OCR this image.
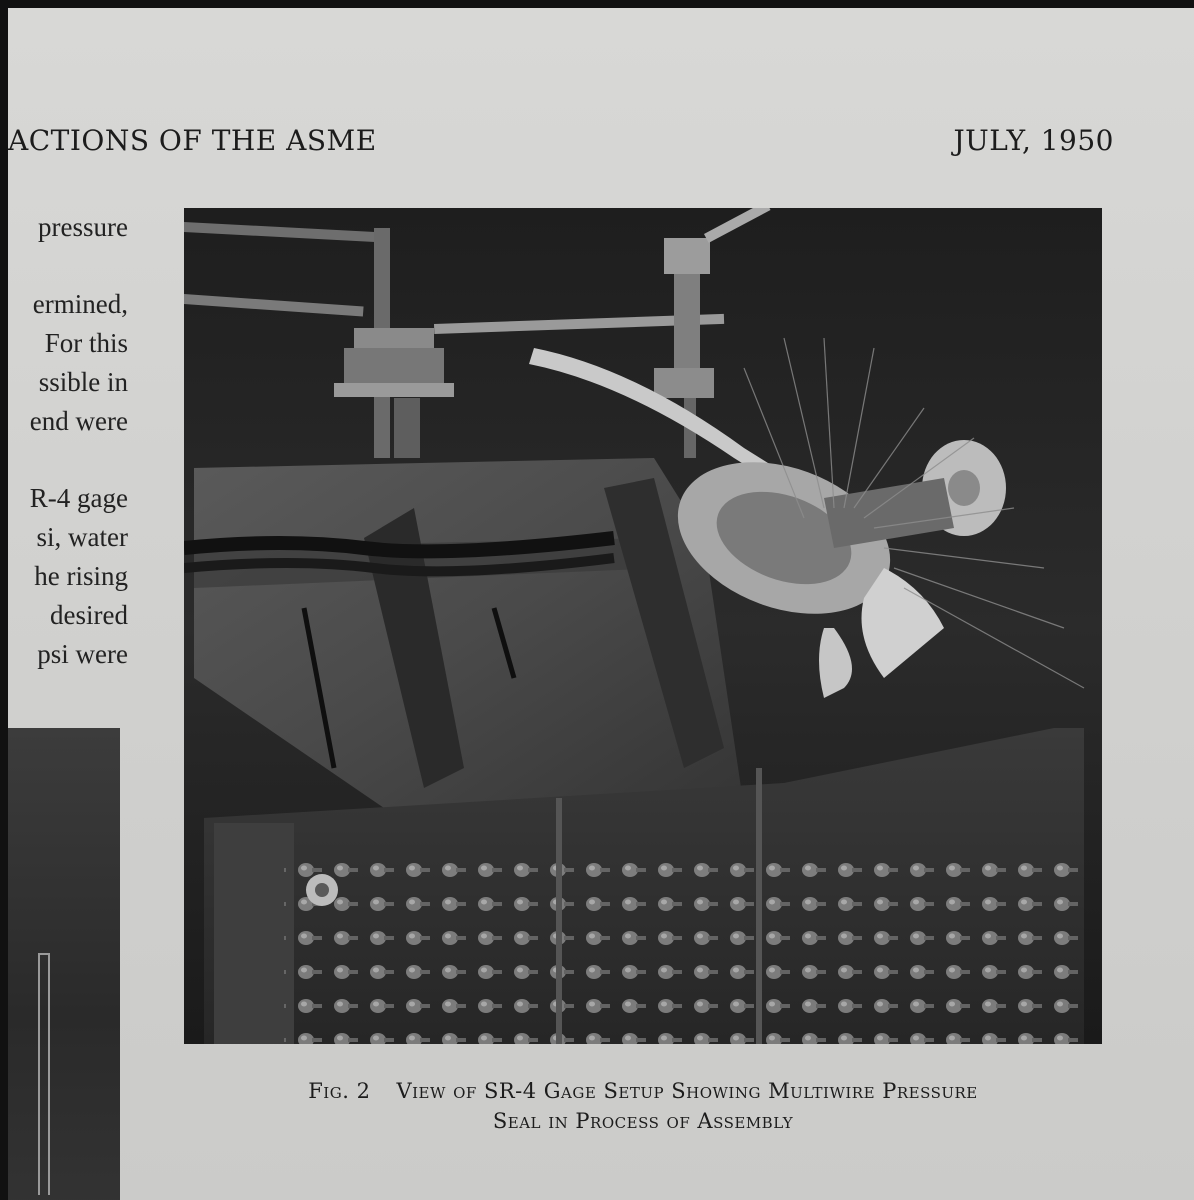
ACTIONS OF THE ASME	JULY, 1950
pressure
ermined,
For this
ssible in
end were
R-4 gage
si, water
he rising
desired
psi were
Fig. 2 View of SR-4 Gage Setup Showing Multiwire Pressure
Seal in Process of Assembly
